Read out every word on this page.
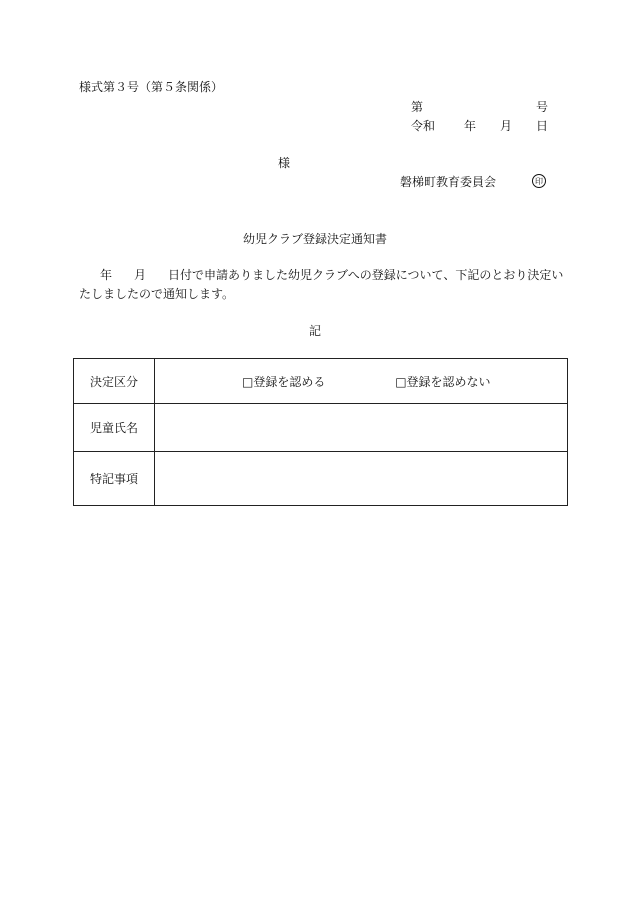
様式第３号（第５条関係）
第	号
令和 年 月 日
様
磐梯町教育委員会	印
幼児クラブ登録決定通知書
年 月 日付で申請ありました幼児クラブへの登録について、下記のとおり決定い
たしましたので通知します。
記
決定区分	□登録を認める □登録を認めない
児童氏名	
特記事項	
